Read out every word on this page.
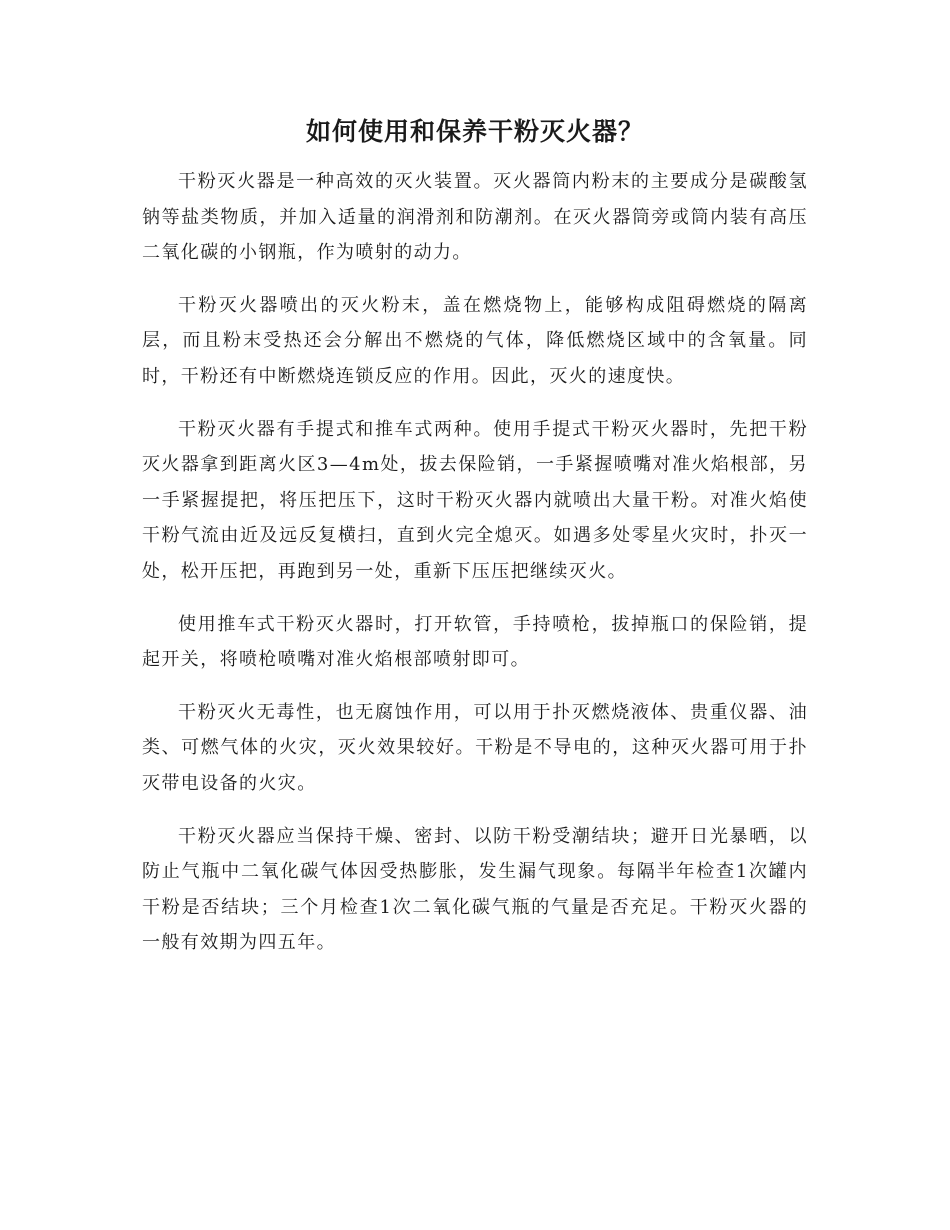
如何使用和保养干粉灭火器？

干粉灭火器是一种高效的灭火装置。灭火器筒内粉末的主要成分是碳酸氢钠等盐类物质，并加入适量的润滑剂和防潮剂。在灭火器筒旁或筒内装有高压二氧化碳的小钢瓶，作为喷射的动力。

干粉灭火器喷出的灭火粉末，盖在燃烧物上，能够构成阻碍燃烧的隔离层，而且粉末受热还会分解出不燃烧的气体，降低燃烧区域中的含氧量。同时，干粉还有中断燃烧连锁反应的作用。因此，灭火的速度快。

干粉灭火器有手提式和推车式两种。使用手提式干粉灭火器时，先把干粉灭火器拿到距离火区3—4m处，拔去保险销，一手紧握喷嘴对准火焰根部，另一手紧握提把，将压把压下，这时干粉灭火器内就喷出大量干粉。对准火焰使干粉气流由近及远反复横扫，直到火完全熄灭。如遇多处零星火灾时，扑灭一处，松开压把，再跑到另一处，重新下压压把继续灭火。

使用推车式干粉灭火器时，打开软管，手持喷枪，拔掉瓶口的保险销，提起开关，将喷枪喷嘴对准火焰根部喷射即可。

干粉灭火无毒性，也无腐蚀作用，可以用于扑灭燃烧液体、贵重仪器、油类、可燃气体的火灾，灭火效果较好。干粉是不导电的，这种灭火器可用于扑灭带电设备的火灾。

干粉灭火器应当保持干燥、密封、以防干粉受潮结块；避开日光暴晒，以防止气瓶中二氧化碳气体因受热膨胀，发生漏气现象。每隔半年检查1次罐内干粉是否结块；三个月检查1次二氧化碳气瓶的气量是否充足。干粉灭火器的一般有效期为四五年。
